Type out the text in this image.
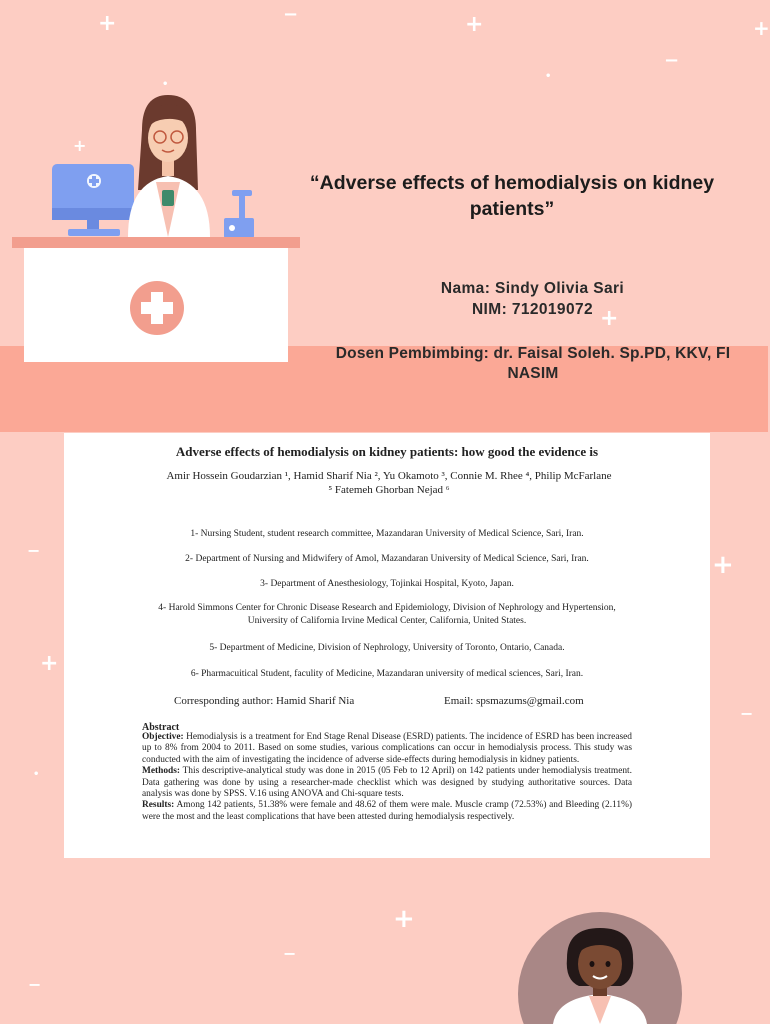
+	−	+	+
−
•
•
+
+
−	+
+
−
•
+
−
−
“Adverse effects of hemodialysis on kidney patients”
Nama: Sindy Olivia Sari
NIM: 712019072
Dosen Pembimbing: dr. Faisal Soleh. Sp.PD, KKV, FI NASIM
Adverse effects of hemodialysis on kidney patients: how good the evidence is
Amir Hossein Goudarzian ¹, Hamid Sharif Nia ², Yu Okamoto ³, Connie M. Rhee ⁴, Philip McFarlane
⁵ Fatemeh Ghorban Nejad ⁶
1- Nursing Student, student research committee, Mazandaran University of Medical Science, Sari, Iran.
2- Department of Nursing and Midwifery of Amol, Mazandaran University of Medical Science, Sari, Iran.
3- Department of Anesthesiology, Tojinkai Hospital, Kyoto, Japan.
4- Harold Simmons Center for Chronic Disease Research and Epidemiology, Division of Nephrology and Hypertension, University of California Irvine Medical Center, California, United States.
5- Department of Medicine, Division of Nephrology, University of Toronto, Ontario, Canada.
6- Pharmacuitical Student, faculity of Medicine, Mazandaran university of medical sciences, Sari, Iran.
Corresponding author: Hamid Sharif Nia	Email: spsmazums@gmail.com
Abstract
Objective: Hemodialysis is a treatment for End Stage Renal Disease (ESRD) patients. The incidence of ESRD has been increased up to 8% from 2004 to 2011. Based on some studies, various complications can occur in hemodialysis process. This study was conducted with the aim of investigating the incidence of adverse side-effects during hemodialysis in kidney patients.
Methods: This descriptive-analytical study was done in 2015 (05 Feb to 12 April) on 142 patients under hemodialysis treatment. Data gathering was done by using a researcher-made checklist which was designed by studying authoritative sources. Data analysis was done by SPSS. V.16 using ANOVA and Chi-square tests.
Results: Among 142 patients, 51.38% were female and 48.62 of them were male. Muscle cramp (72.53%) and Bleeding (2.11%) were the most and the least complications that have been attested during hemodialysis respectively.
